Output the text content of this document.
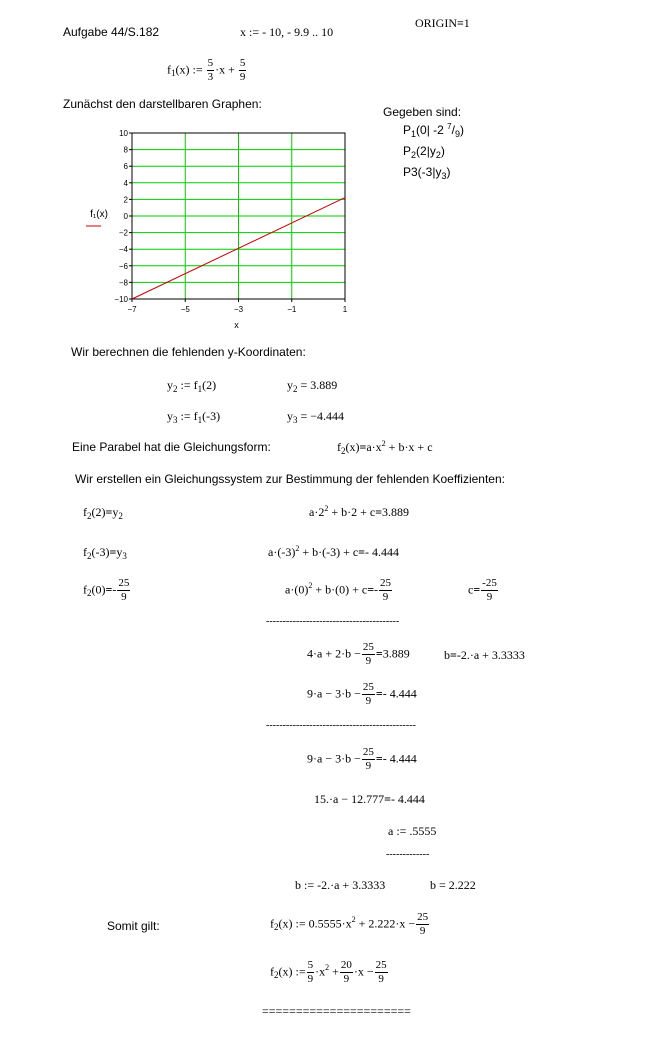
Aufgabe 44/S.182	x := - 10, - 9.9 .. 10
ORIGIN≡1
$f_1(x)$ := $\frac{5}{3} \cdot x + \frac{5}{9}$
Zunächst den darstellbaren Graphen:
Gegeben sind:
$P_1(0|$ -2 $^7/_9$)
$P_2(2|y_2)$
$P3(-3|y_3)$
−7	−5	−3	−1	1
10
8
6
4
2
0
−2
−4
−6
−8
−10
x
f₁(x)
Wir berechnen die fehlenden y-Koordinaten:
$y_2$ := $f_1(2)$	$y_2 = 3.889$
$y_3$ := $f_1(-3)$	$y_3 = -4.444$
Eine Parabel hat die Gleichungsform:	$f_2(x)=a\cdot x^2 + b\cdot x + c$
Wir erstellen ein Gleichungssystem zur Bestimmung der fehlenden Koeffizienten:
$f_2(2)=y_2$	$a\cdot 2^2 + b\cdot 2 + c=3.889$
$f_2(-3)=y_3$	$a\cdot(-3)^2 + b\cdot(-3) + c=-$ 4.444
$f_2(0)=- \frac{25}{9}$	$a\cdot(0)^2 + b\cdot(0) + c=- \frac{25}{9}$	$c= \frac{-25}{9}$
----------------------------------------
$4\cdot a + 2\cdot b - \frac{25}{9} =3.889$	b=-2.·a + 3.3333
$9\cdot a - 3\cdot b - \frac{25}{9} =- 4.444$
---------------------------------------------
$9\cdot a - 3\cdot b - \frac{25}{9} =- 4.444$
15.·a − 12.777=- 4.444
a := .5555
-------------
b := -2.·a + 3.3333	b = 2.222
Somit gilt:	$f_2(x)$ := $0.5555\cdot x^2 + 2.222\cdot x - \frac{25}{9}$
$f_2(x)$ := $\frac{5}{9} \cdot x^2 + \frac{20}{9} \cdot x - \frac{25}{9}$
======================
